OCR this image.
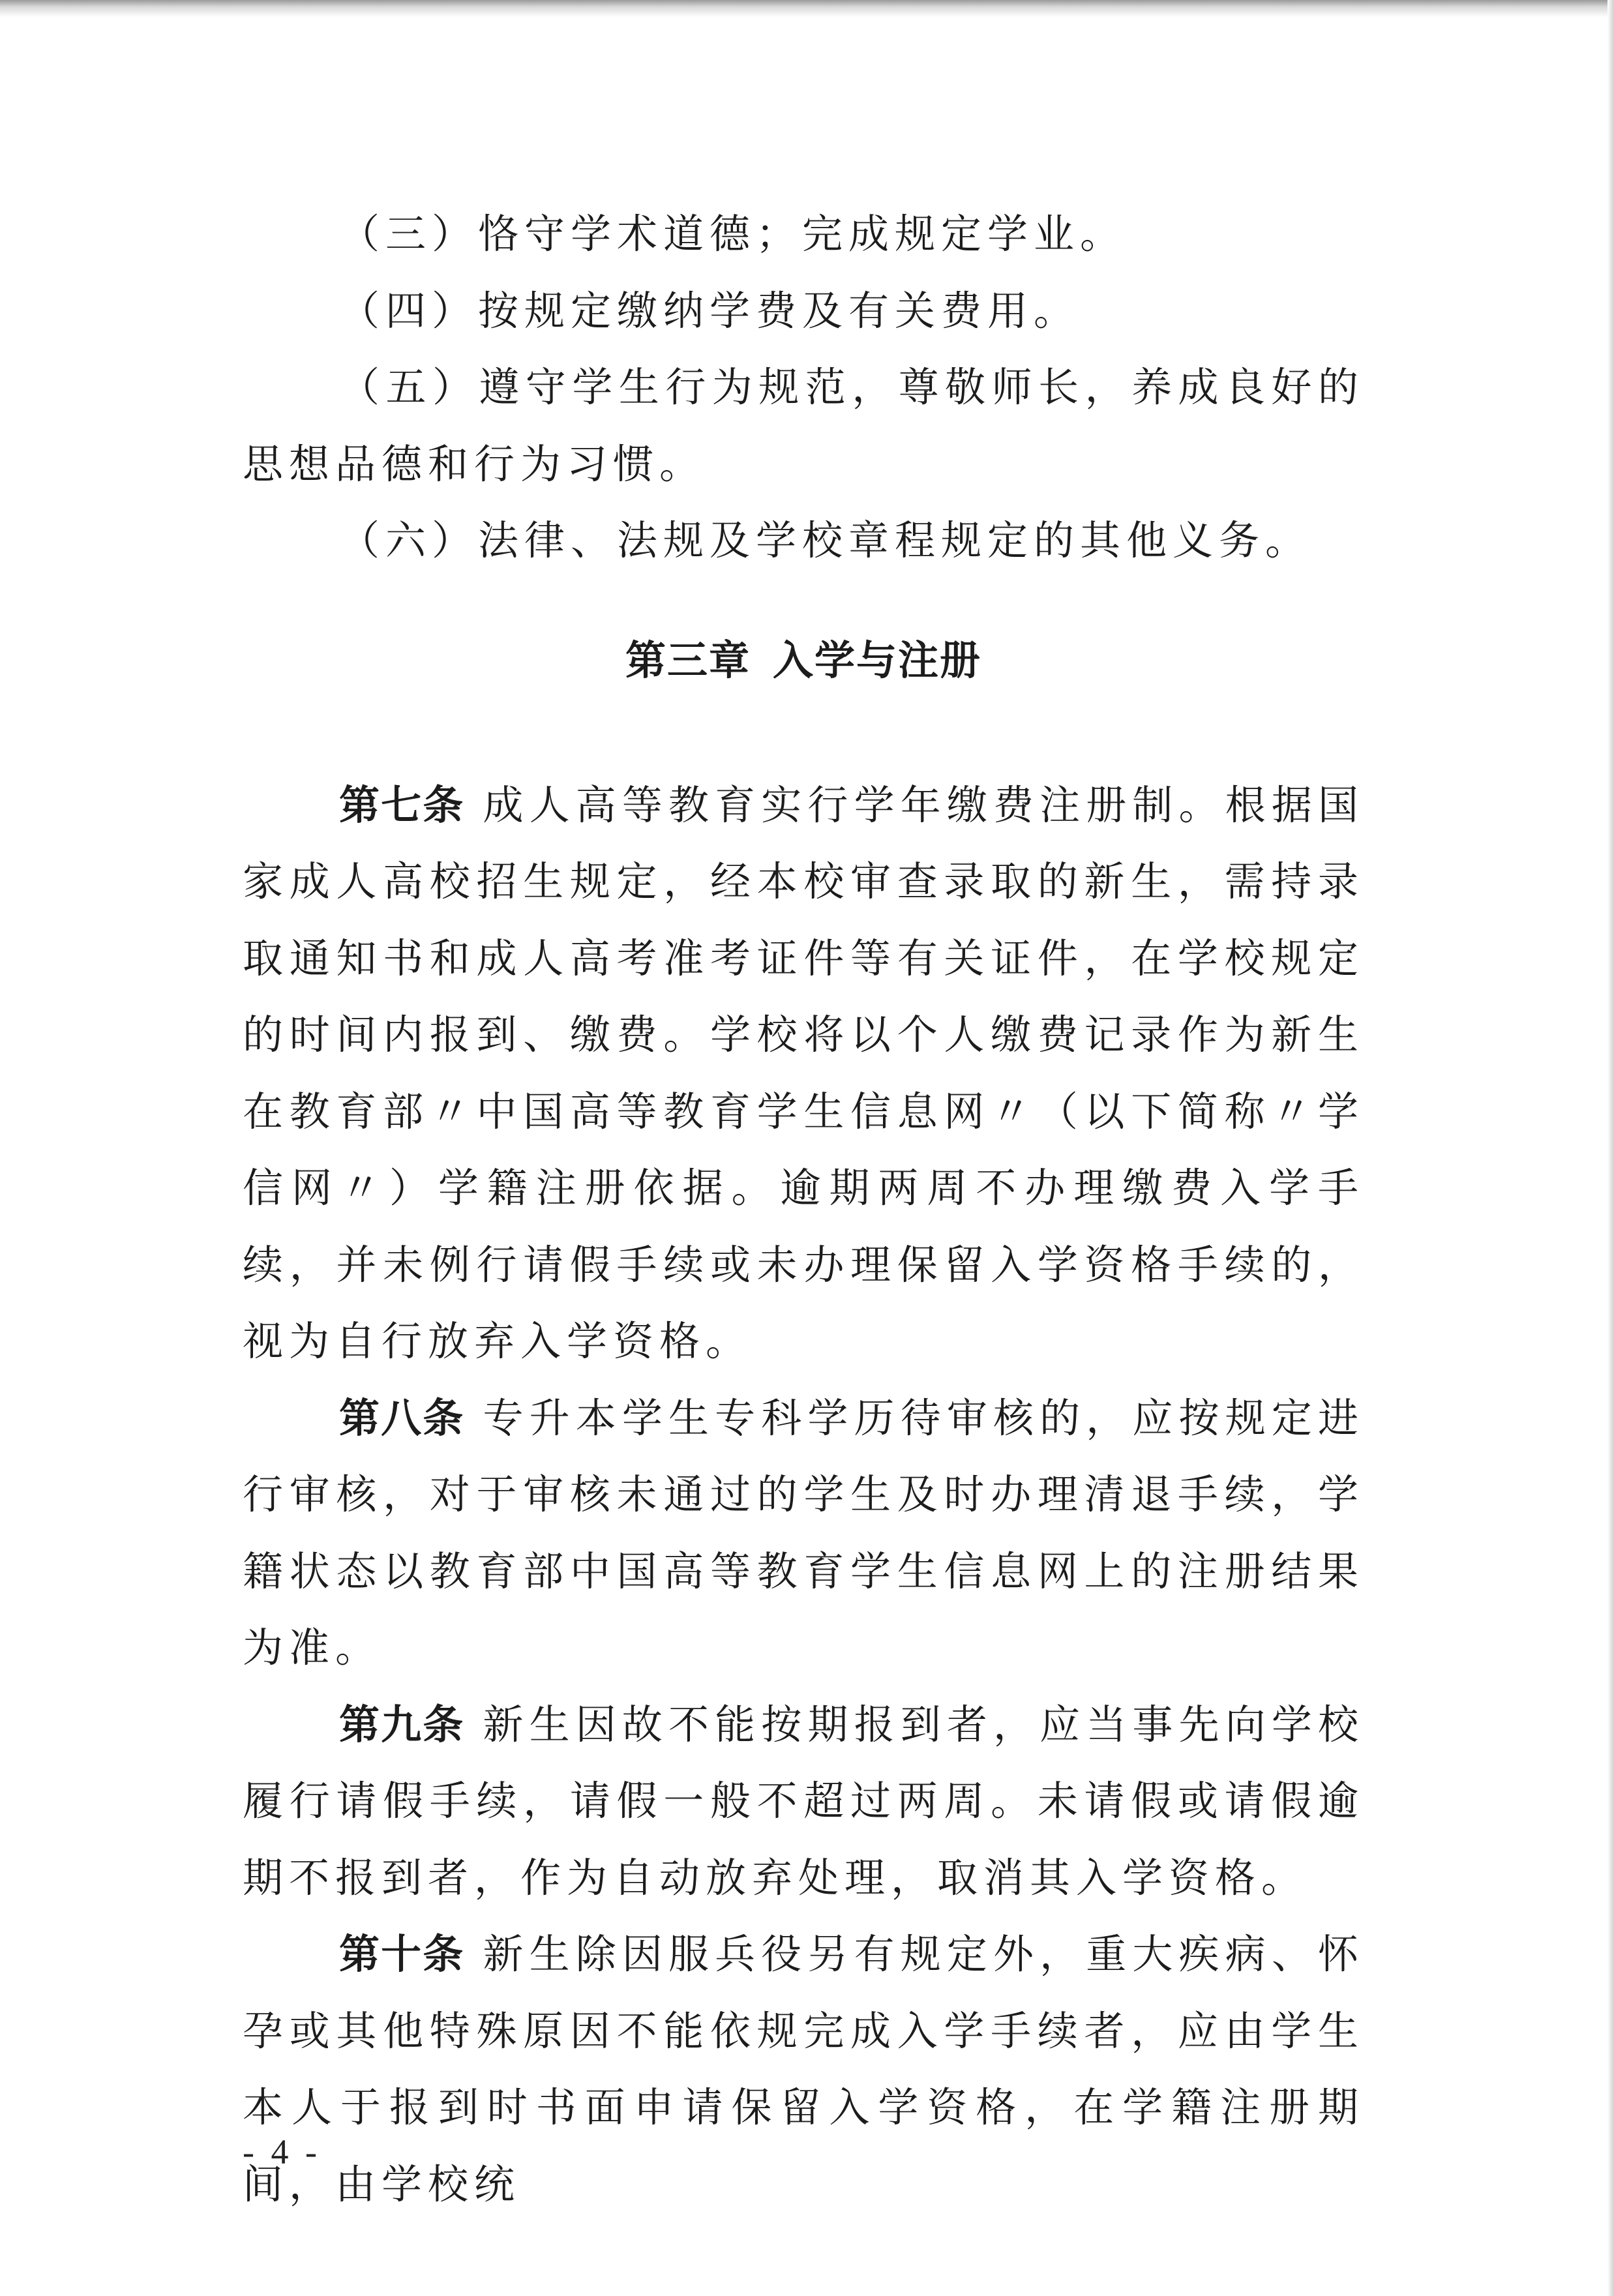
（三）恪守学术道德；完成规定学业。

（四）按规定缴纳学费及有关费用。

（五）遵守学生行为规范，尊敬师长，养成良好的思想品德和行为习惯。

（六）法律、法规及学校章程规定的其他义务。

第三章 入学与注册

第七条 成人高等教育实行学年缴费注册制。根据国家成人高校招生规定，经本校审查录取的新生，需持录取通知书和成人高考准考证件等有关证件，在学校规定的时间内报到、缴费。学校将以个人缴费记录作为新生在教育部〃中国高等教育学生信息网〃（以下简称〃学信网〃）学籍注册依据。逾期两周不办理缴费入学手续，并未例行请假手续或未办理保留入学资格手续的，视为自行放弃入学资格。

第八条 专升本学生专科学历待审核的，应按规定进行审核，对于审核未通过的学生及时办理清退手续，学籍状态以教育部中国高等教育学生信息网上的注册结果为准。

第九条 新生因故不能按期报到者，应当事先向学校履行请假手续，请假一般不超过两周。未请假或请假逾期不报到者，作为自动放弃处理，取消其入学资格。

第十条 新生除因服兵役另有规定外，重大疾病、怀孕或其他特殊原因不能依规完成入学手续者，应由学生本人于报到时书面申请保留入学资格，在学籍注册期间，由学校统

- 4 -
